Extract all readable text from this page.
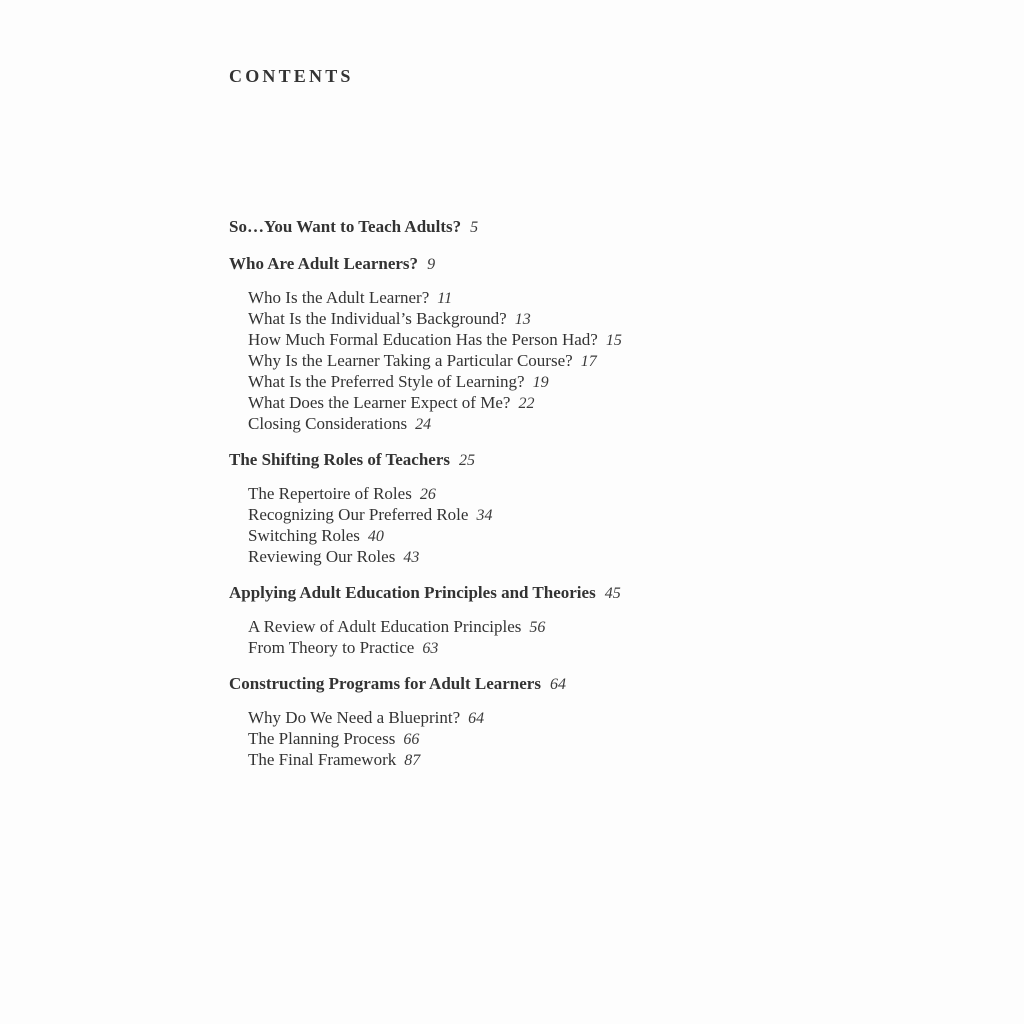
CONTENTS
So…You Want to Teach Adults? 5
Who Are Adult Learners? 9
Who Is the Adult Learner? 11
What Is the Individual’s Background? 13
How Much Formal Education Has the Person Had? 15
Why Is the Learner Taking a Particular Course? 17
What Is the Preferred Style of Learning? 19
What Does the Learner Expect of Me? 22
Closing Considerations 24
The Shifting Roles of Teachers 25
The Repertoire of Roles 26
Recognizing Our Preferred Role 34
Switching Roles 40
Reviewing Our Roles 43
Applying Adult Education Principles and Theories 45
A Review of Adult Education Principles 56
From Theory to Practice 63
Constructing Programs for Adult Learners 64
Why Do We Need a Blueprint? 64
The Planning Process 66
The Final Framework 87
